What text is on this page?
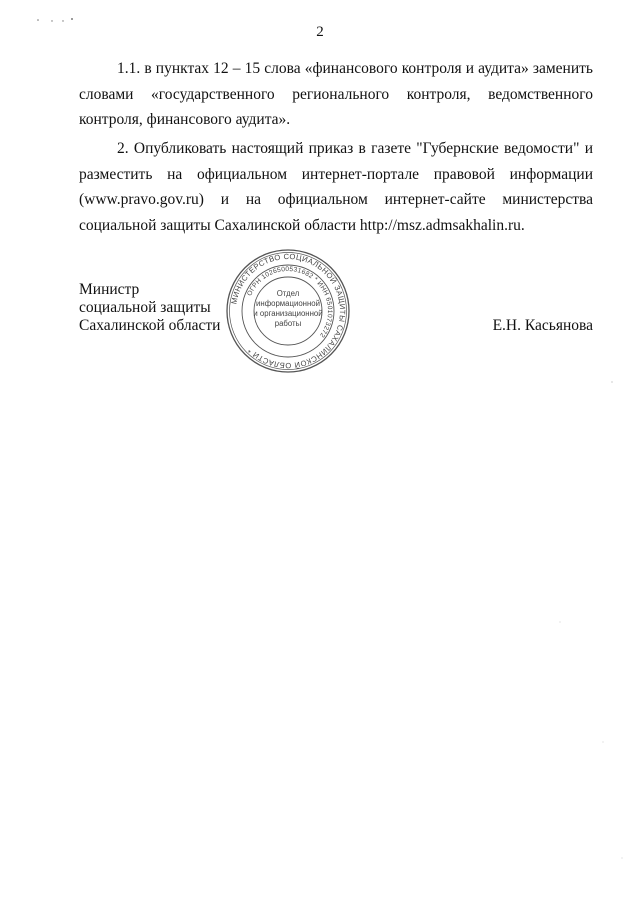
2

1.1. в пунктах 12 – 15 слова «финансового контроля и аудита» заменить словами «государственного регионального контроля, ведомственного контроля, финансового аудита».

2. Опубликовать настоящий приказ в газете "Губернские ведомости" и разместить на официальном интернет-портале правовой информации (www.pravo.gov.ru) и на официальном интернет-сайте министерства социальной защиты Сахалинской области http://msz.admsakhalin.ru.

Министр
социальной защиты
Сахалинской области	Е.Н. Касьянова
МИНИСТЕРСТВО СОЦИАЛЬНОЙ ЗАЩИТЫ САХАЛИНСКОЙ ОБЛАСТИ *
ОГРН 1026500531682 * ИНН 6501073272
Отдел
информационной
и организационной
работы
